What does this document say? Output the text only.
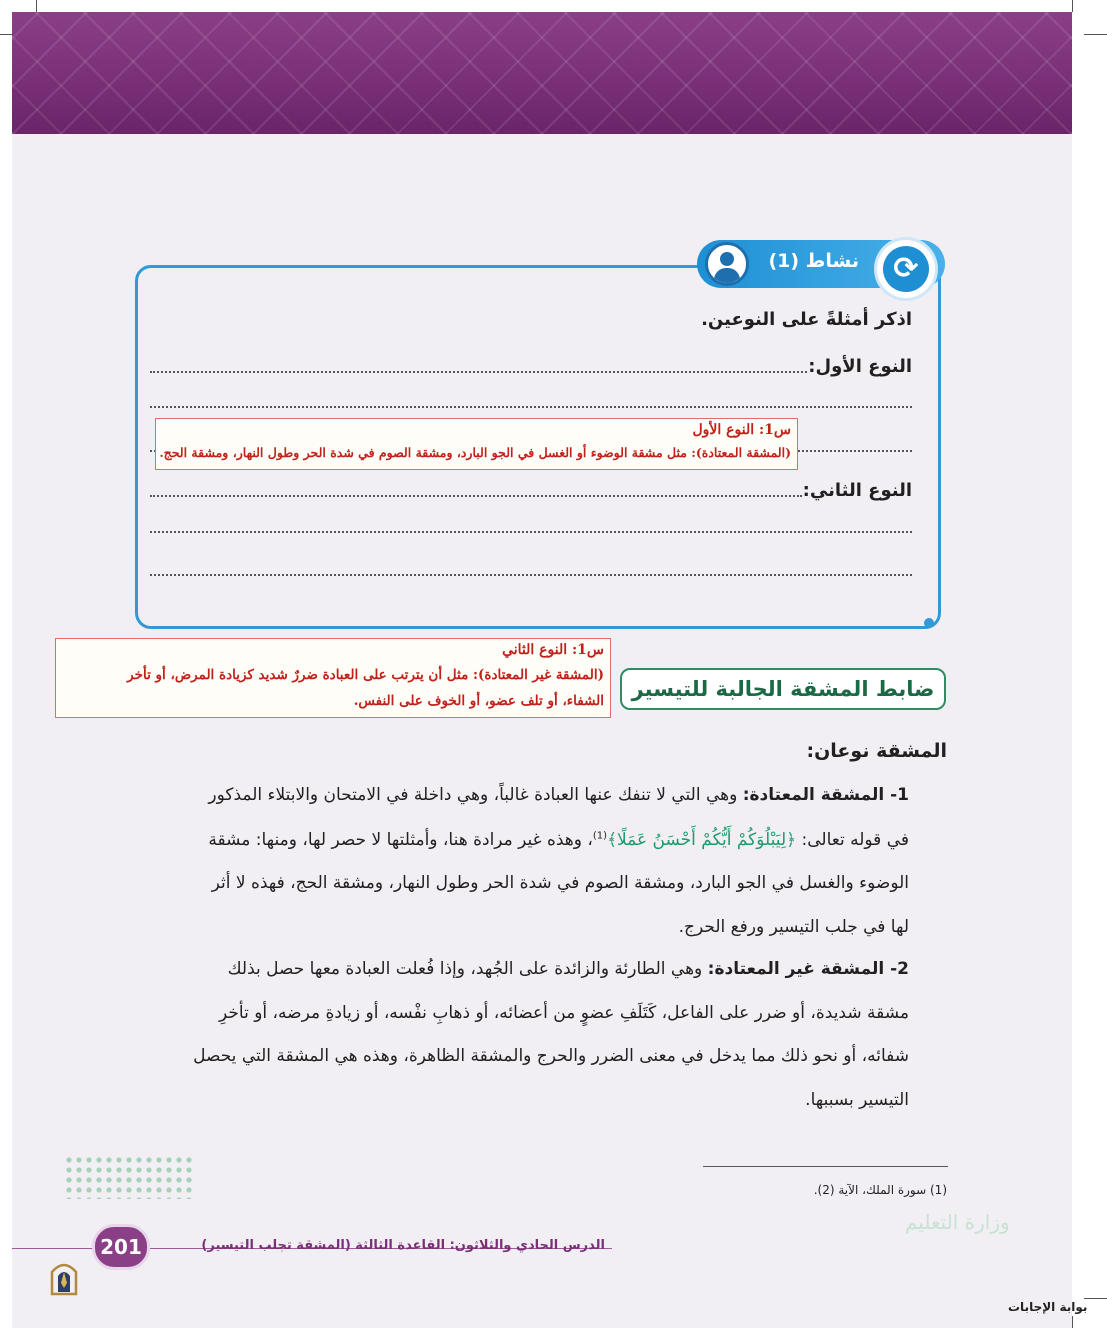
نشاط (1)	⟳
اذكر أمثلةً على النوعين.
النوع الأول:
س1: النوع الأول
(المشقة المعتادة): مثل مشقة الوضوء أو الغسل في الجو البارد، ومشقة الصوم في شدة الحر وطول النهار، ومشقة الحج.
النوع الثاني:
س1: النوع الثاني
(المشقة غير المعتادة): مثل أن يترتب على العبادة ضررٌ شديد كزيادة المرض، أو تأخر
الشفاء، أو تلف عضو، أو الخوف على النفس.	ضابط المشقة الجالبة للتيسير
المشقة نوعان:
1- المشقة المعتادة: وهي التي لا تنفك عنها العبادة غالباً، وهي داخلة في الامتحان والابتلاء المذكور
في قوله تعالى: ﴿لِيَبْلُوَكُمْ أَيُّكُمْ أَحْسَنُ عَمَلًا﴾$^{(1)}$، وهذه غير مرادة هنا، وأمثلتها لا حصر لها، ومنها: مشقة
الوضوء والغسل في الجو البارد، ومشقة الصوم في شدة الحر وطول النهار، ومشقة الحج، فهذه لا أثر
لها في جلب التيسير ورفع الحرج.
2- المشقة غير المعتادة: وهي الطارئة والزائدة على الجُهد، وإذا فُعلت العبادة معها حصل بذلك
مشقة شديدة، أو ضرر على الفاعل، كَتَلَفِ عضوٍ من أعضائه، أو ذهابِ نفْسه، أو زيادةِ مرضه، أو تأخرِ
شفائه، أو نحو ذلك مما يدخل في معنى الضرر والحرج والمشقة الظاهرة، وهذه هي المشقة التي يحصل
التيسير بسببها.
(1) سورة الملك، الآية (2).
وزارة التعليم
الدرس الحادي والثلاثون: القاعدة الثالثة (المشقة تجلب التيسير)
201
بوابة الإجابات
